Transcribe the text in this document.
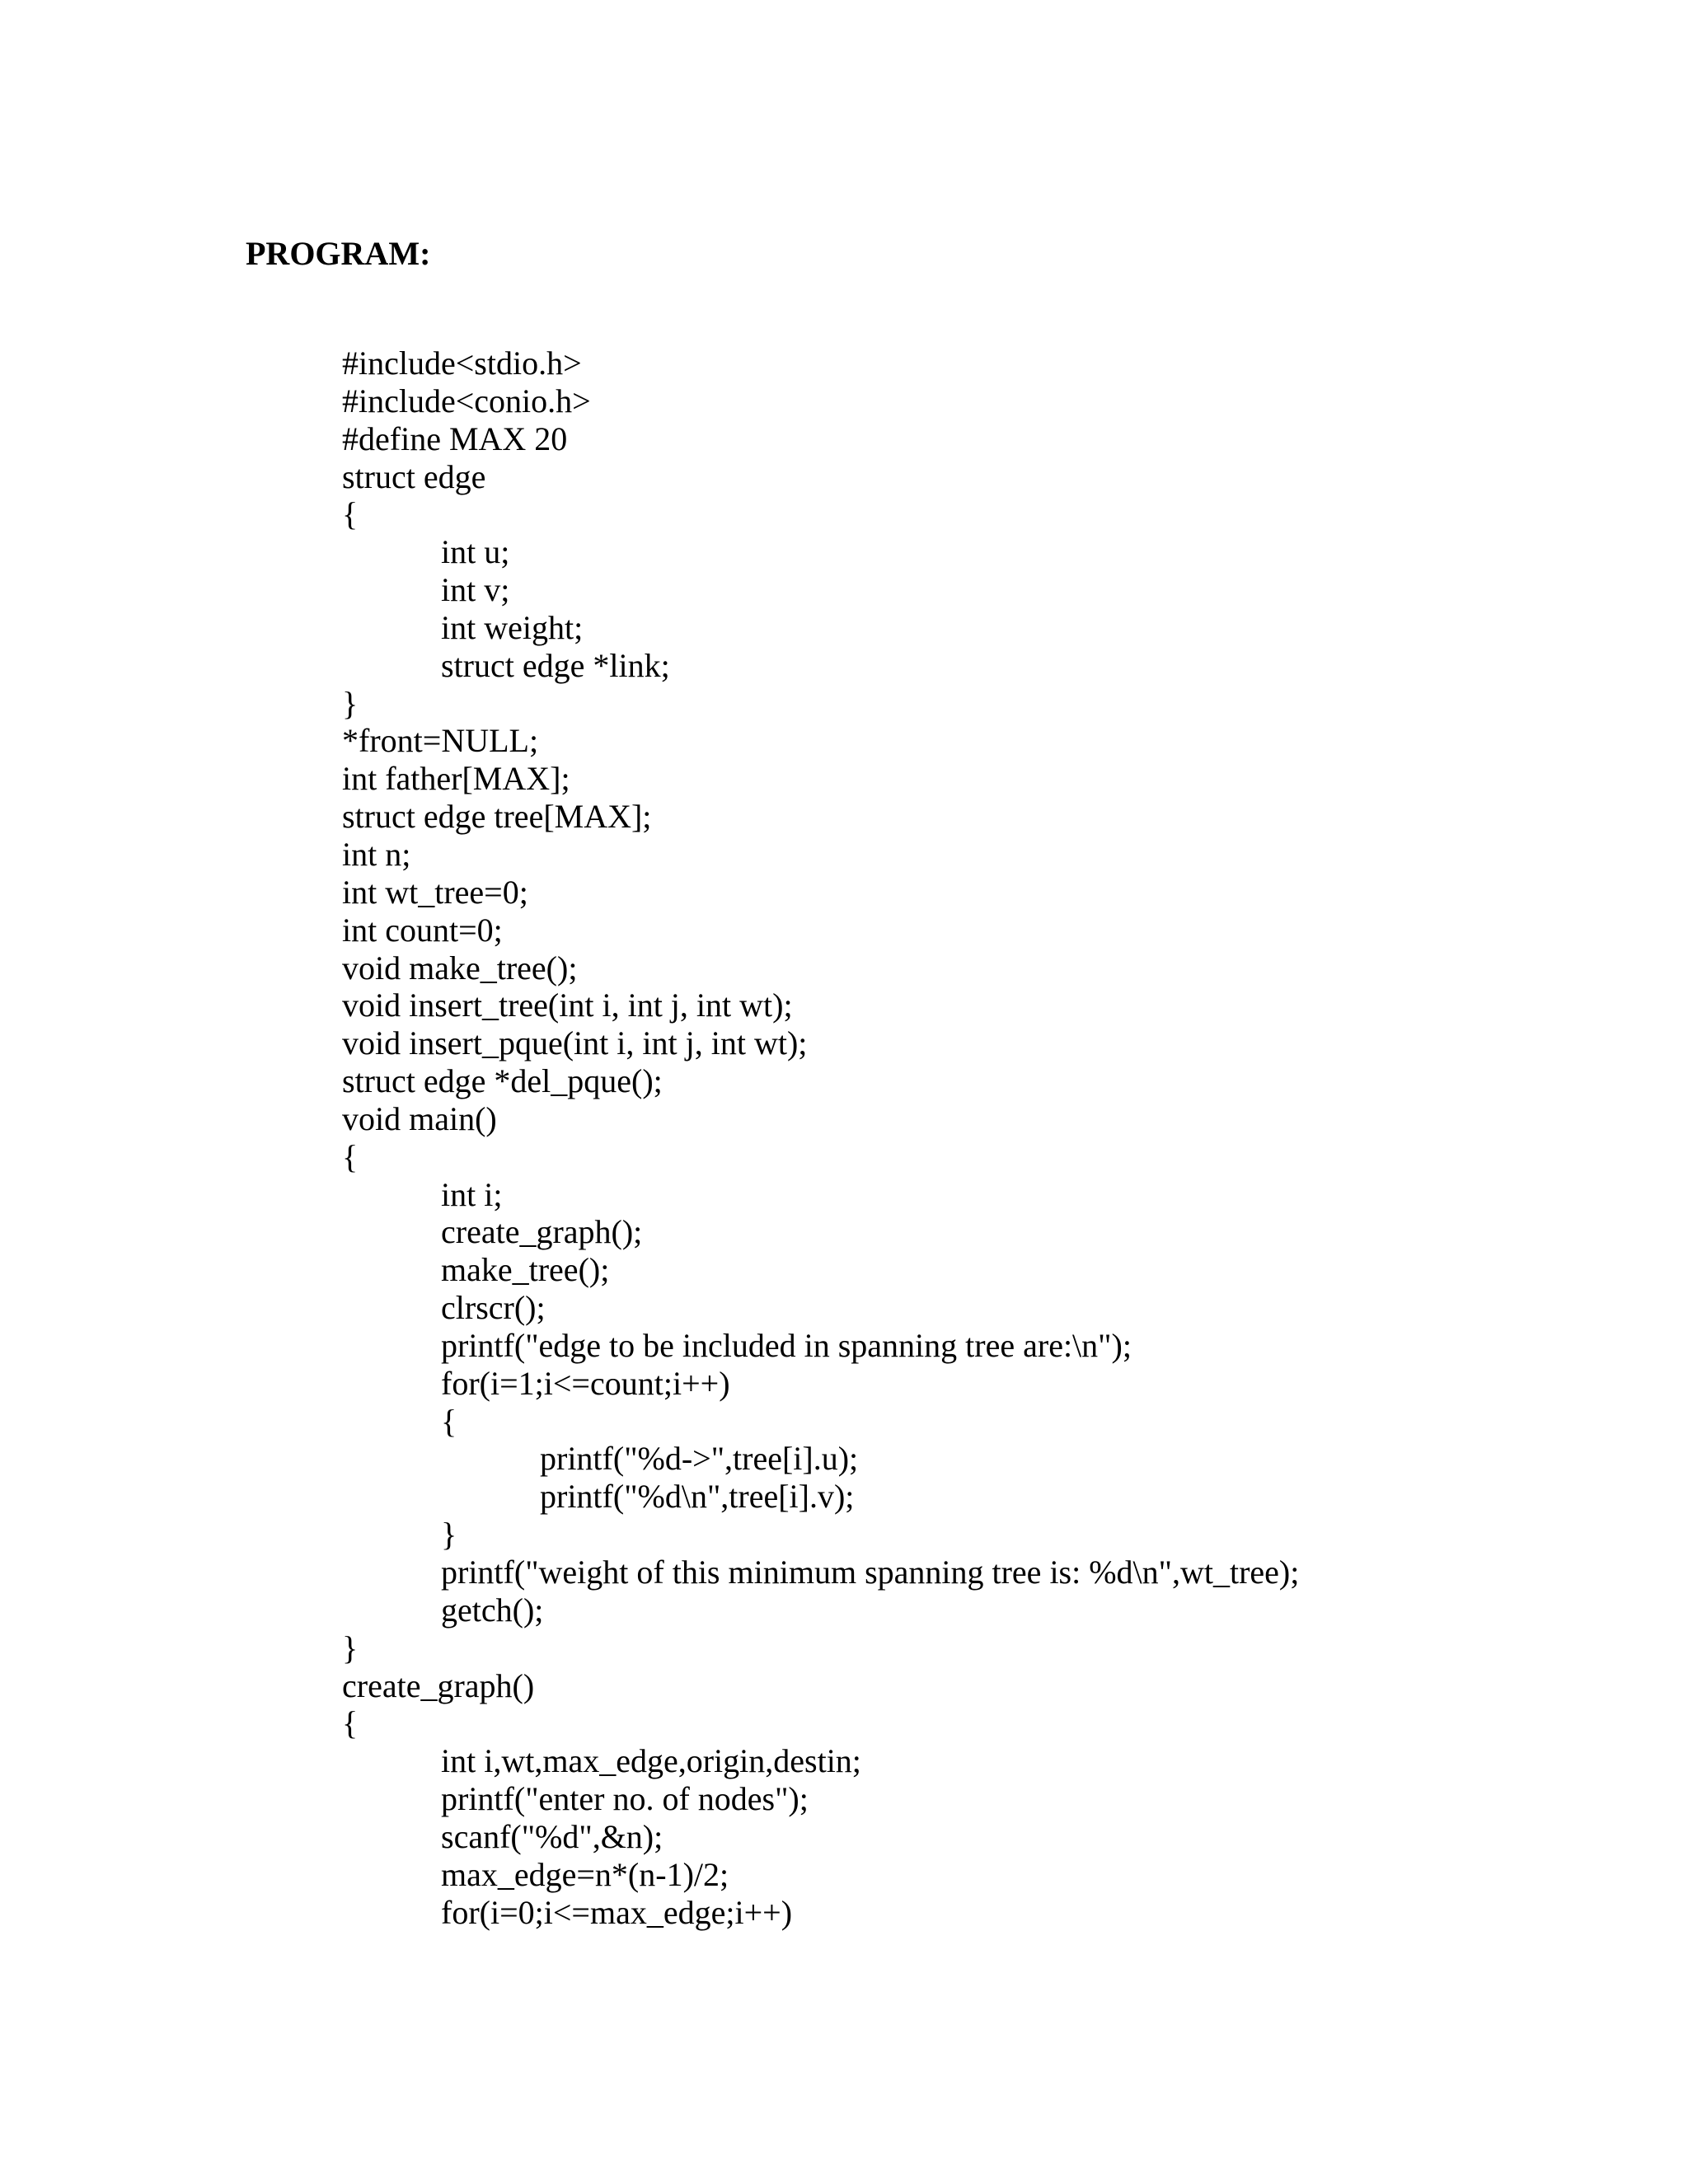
PROGRAM:
#include<stdio.h>
#include<conio.h>
#define MAX 20
struct edge
{
int u;
int v;
int weight;
struct edge *link;
}
*front=NULL;
int father[MAX];
struct edge tree[MAX];
int n;
int wt_tree=0;
int count=0;
void make_tree();
void insert_tree(int i, int j, int wt);
void insert_pque(int i, int j, int wt);
struct edge *del_pque();
void main()
{
int i;
create_graph();
make_tree();
clrscr();
printf("edge to be included in spanning tree are:\n");
for(i=1;i<=count;i++)
{
printf("%d->",tree[i].u);
printf("%d\n",tree[i].v);
}
printf("weight of this minimum spanning tree is: %d\n",wt_tree);
getch();
}
create_graph()
{
int i,wt,max_edge,origin,destin;
printf("enter no. of nodes");
scanf("%d",&n);
max_edge=n*(n-1)/2;
for(i=0;i<=max_edge;i++)
